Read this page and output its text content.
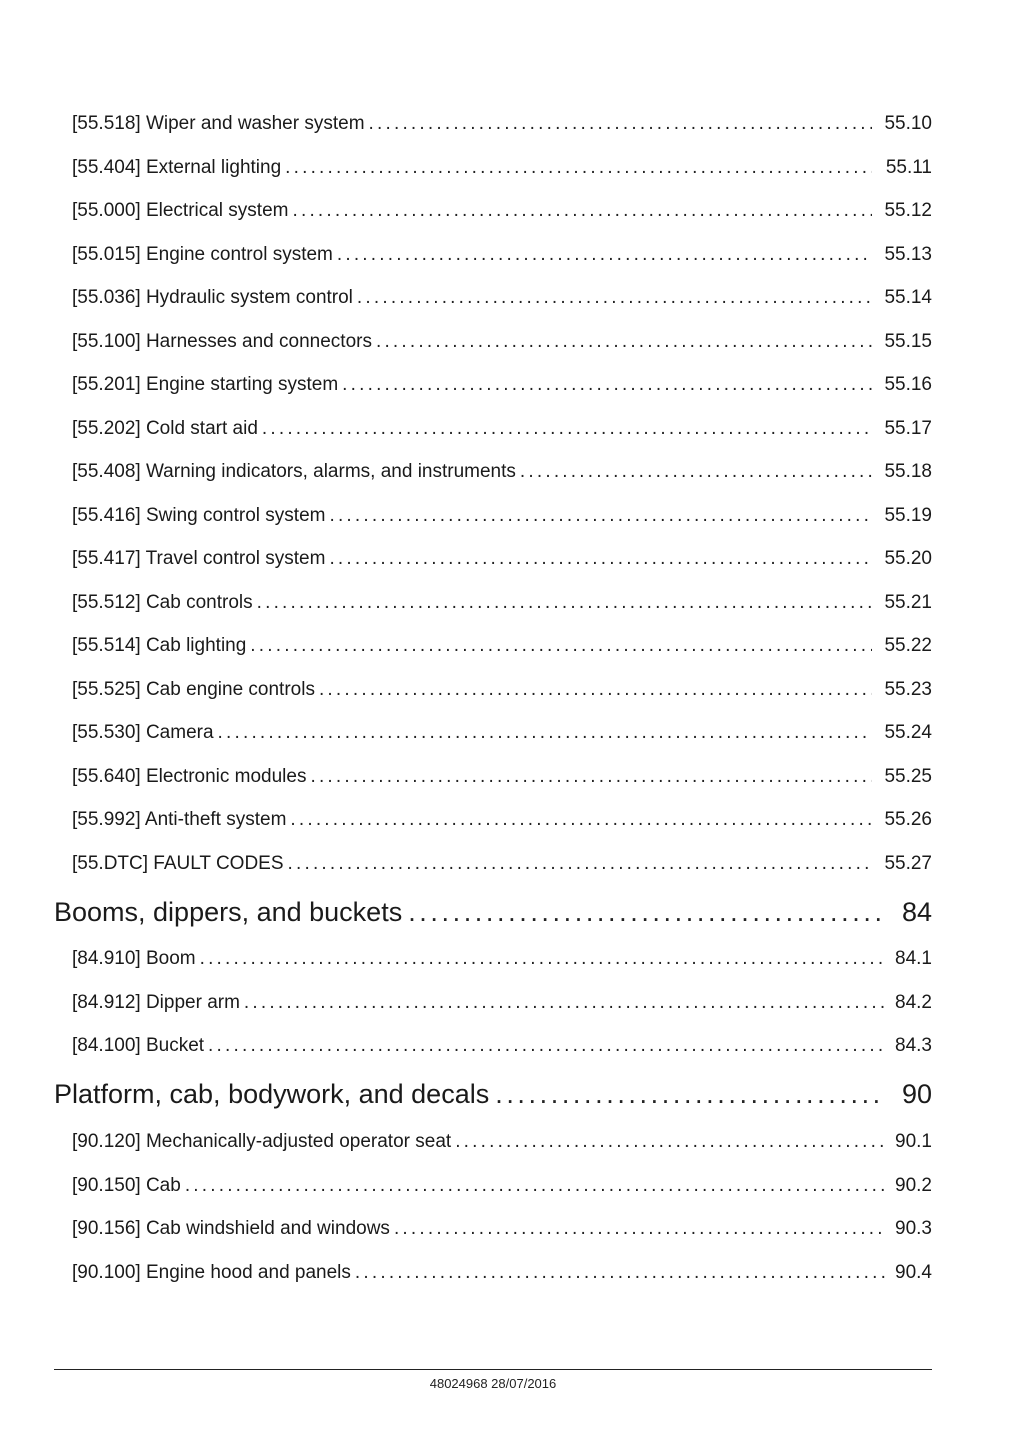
[55.518] Wiper and washer system .....	55.10
[55.404] External lighting .....	55.11
[55.000] Electrical system .....	55.12
[55.015] Engine control system .....	55.13
[55.036] Hydraulic system control .....	55.14
[55.100] Harnesses and connectors .....	55.15
[55.201] Engine starting system .....	55.16
[55.202] Cold start aid .....	55.17
[55.408] Warning indicators, alarms, and instruments .....	55.18
[55.416] Swing control system .....	55.19
[55.417] Travel control system .....	55.20
[55.512] Cab controls .....	55.21
[55.514] Cab lighting .....	55.22
[55.525] Cab engine controls .....	55.23
[55.530] Camera .....	55.24
[55.640] Electronic modules .....	55.25
[55.992] Anti-theft system .....	55.26
[55.DTC] FAULT CODES .....	55.27
Booms, dippers, and buckets .....	84
[84.910] Boom .....	84.1
[84.912] Dipper arm .....	84.2
[84.100] Bucket .....	84.3
Platform, cab, bodywork, and decals .....	90
[90.120] Mechanically-adjusted operator seat .....	90.1
[90.150] Cab .....	90.2
[90.156] Cab windshield and windows .....	90.3
[90.100] Engine hood and panels .....	90.4
48024968 28/07/2016
